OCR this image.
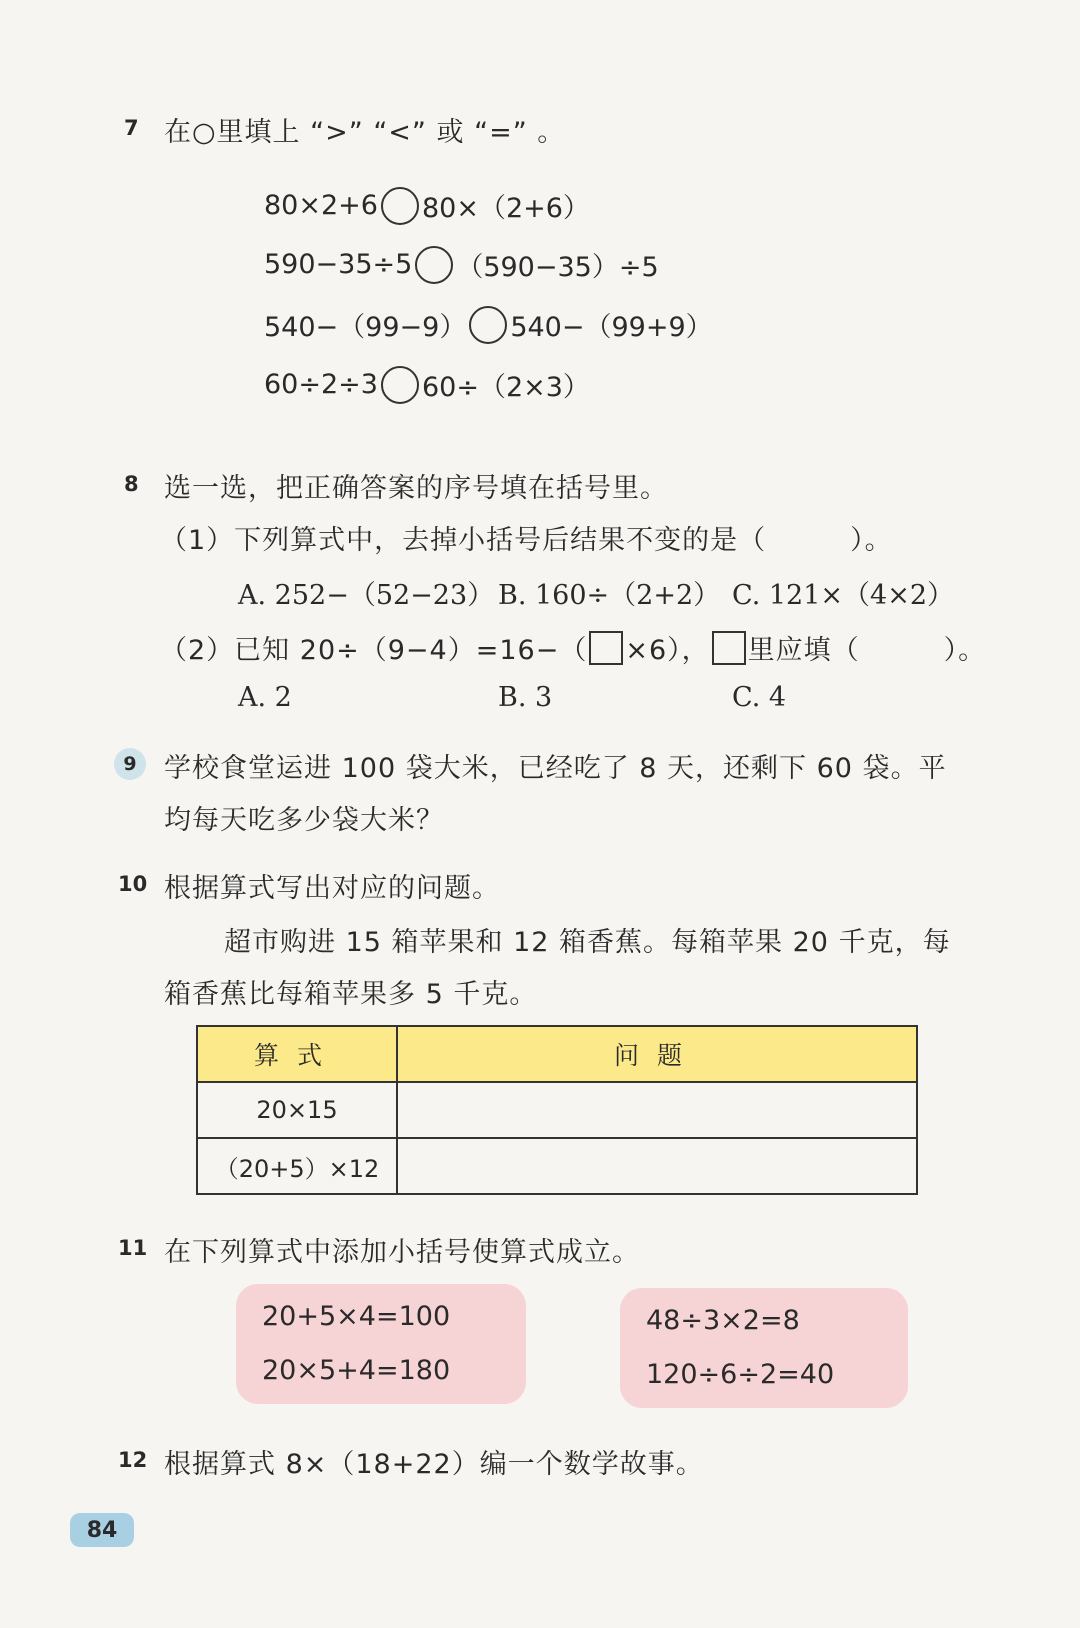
7 在○里填上 “>” “<” 或 “=” 。
80×2+6 80×（2+6）
590−35÷5 （590−35）÷5
540−（99−9） 540−（99+9）
60÷2÷3 60÷（2×3）
8 选一选，把正确答案的序号填在括号里。
（1）下列算式中，去掉小括号后结果不变的是（　　　）。
A. 252−（52−23） B. 160÷（2+2） C. 121×（4×2）
（2）已知 20÷（9−4）=16−（ ×6）， 里应填（　　　）。
A. 2	B. 3	C. 4
9	学校食堂运进 100 袋大米，已经吃了 8 天，还剩下 60 袋。平
均每天吃多少袋大米？
10 根据算式写出对应的问题。
超市购进 15 箱苹果和 12 箱香蕉。每箱苹果 20 千克，每
箱香蕉比每箱苹果多 5 千克。
算式	问题
20×15	
（20+5）×12	
11 在下列算式中添加小括号使算式成立。
20+5×4=100
20×5+4=180
48÷3×2=8
120÷6÷2=40
12 根据算式 8×（18+22）编一个数学故事。
84
